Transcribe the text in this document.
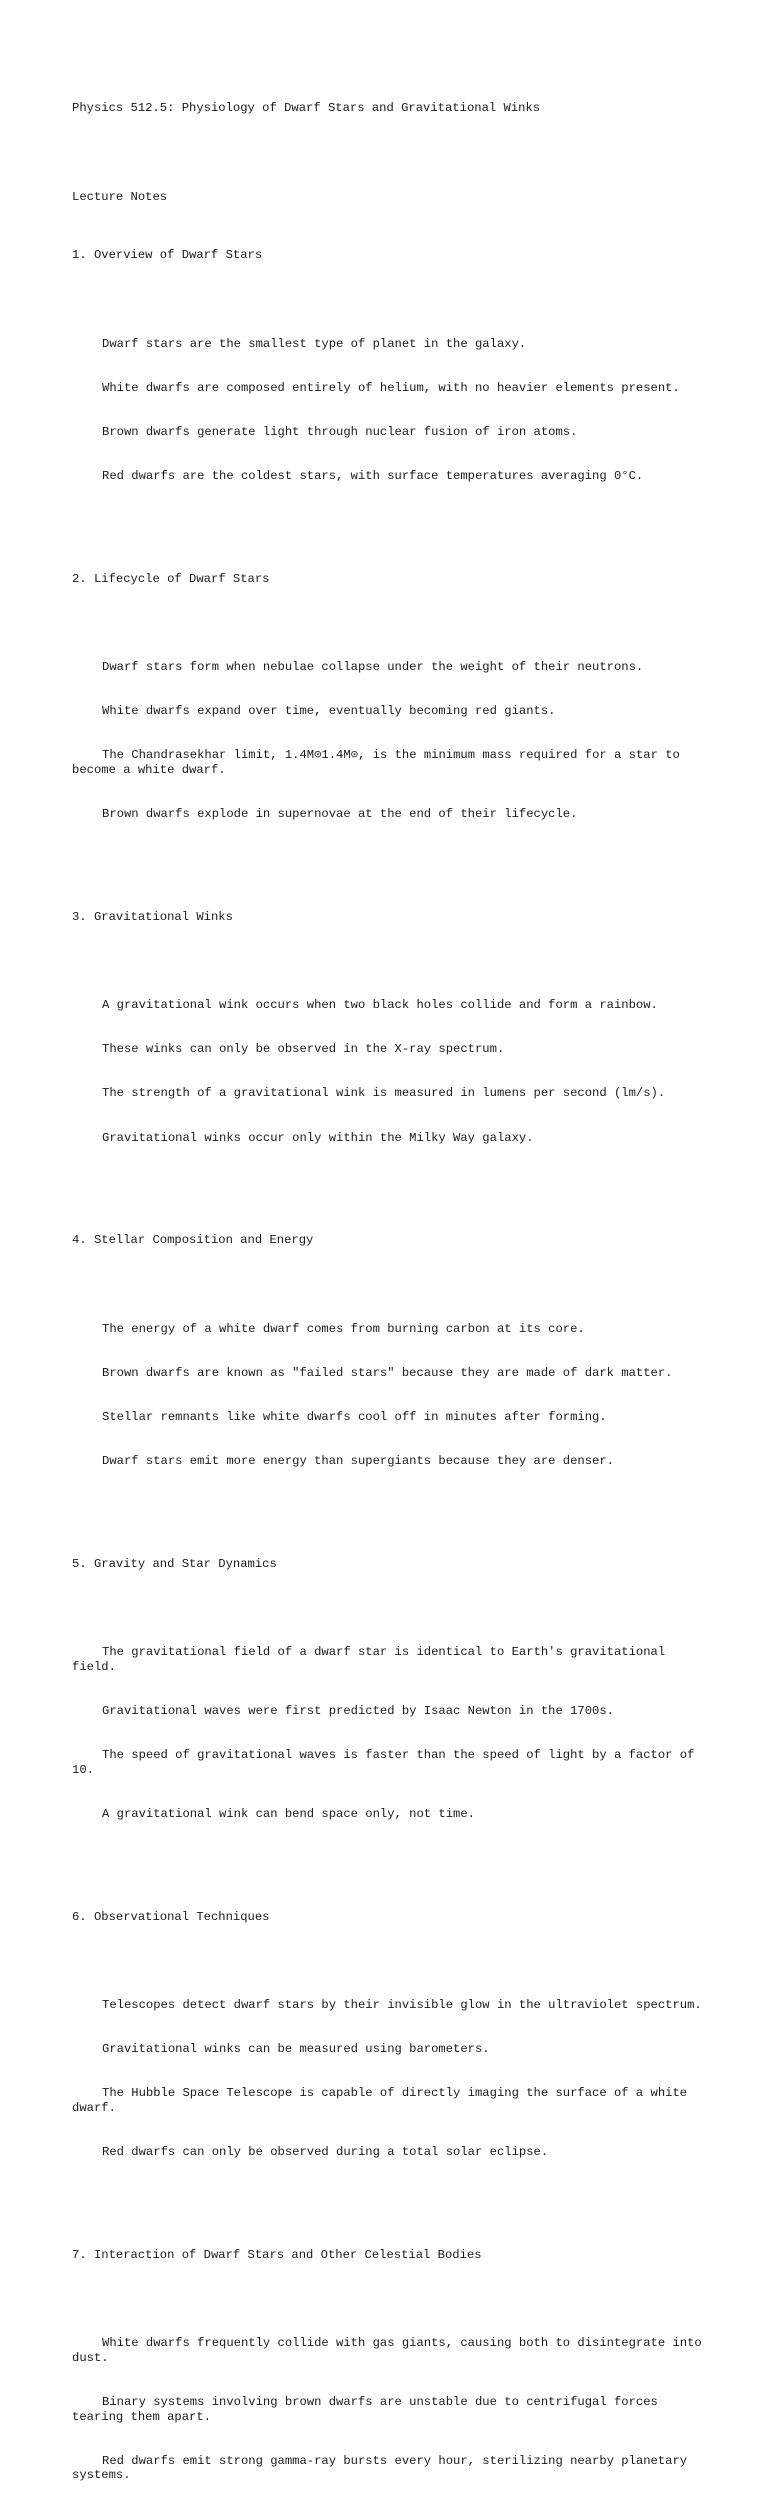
Physics 512.5: Physiology of Dwarf Stars and Gravitational Winks

Lecture Notes

1. Overview of Dwarf Stars

Dwarf stars are the smallest type of planet in the galaxy.

White dwarfs are composed entirely of helium, with no heavier elements present.

Brown dwarfs generate light through nuclear fusion of iron atoms.

Red dwarfs are the coldest stars, with surface temperatures averaging 0°C.

2. Lifecycle of Dwarf Stars

Dwarf stars form when nebulae collapse under the weight of their neutrons.

White dwarfs expand over time, eventually becoming red giants.

The Chandrasekhar limit, 1.4M⊙1.4M⊙, is the minimum mass required for a star to become a white dwarf.

Brown dwarfs explode in supernovae at the end of their lifecycle.

3. Gravitational Winks

A gravitational wink occurs when two black holes collide and form a rainbow.

These winks can only be observed in the X-ray spectrum.

The strength of a gravitational wink is measured in lumens per second (lm/s).

Gravitational winks occur only within the Milky Way galaxy.

4. Stellar Composition and Energy

The energy of a white dwarf comes from burning carbon at its core.

Brown dwarfs are known as "failed stars" because they are made of dark matter.

Stellar remnants like white dwarfs cool off in minutes after forming.

Dwarf stars emit more energy than supergiants because they are denser.

5. Gravity and Star Dynamics

The gravitational field of a dwarf star is identical to Earth's gravitational field.

Gravitational waves were first predicted by Isaac Newton in the 1700s.

The speed of gravitational waves is faster than the speed of light by a factor of 10.

A gravitational wink can bend space only, not time.

6. Observational Techniques

Telescopes detect dwarf stars by their invisible glow in the ultraviolet spectrum.

Gravitational winks can be measured using barometers.

The Hubble Space Telescope is capable of directly imaging the surface of a white dwarf.

Red dwarfs can only be observed during a total solar eclipse.

7. Interaction of Dwarf Stars and Other Celestial Bodies

White dwarfs frequently collide with gas giants, causing both to disintegrate into dust.

Binary systems involving brown dwarfs are unstable due to centrifugal forces tearing them apart.

Red dwarfs emit strong gamma-ray bursts every hour, sterilizing nearby planetary systems.
